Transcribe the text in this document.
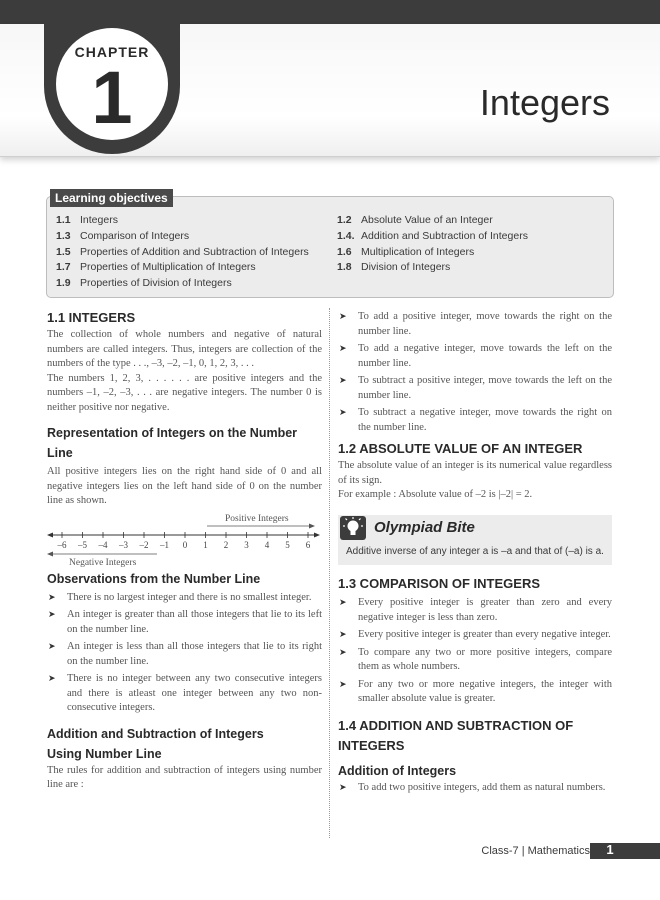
CHAPTER
1	Integers
Learning objectives
1.1 Integers
1.3 Comparison of Integers
1.5 Properties of Addition and Subtraction of Integers
1.7 Properties of Multiplication of Integers
1.9 Properties of Division of Integers
1.2 Absolute Value of an Integer
1.4. Addition and Subtraction of Integers
1.6 Multiplication of Integers
1.8 Division of Integers
1.1 INTEGERS

The collection of whole numbers and negative of natural numbers are called integers. Thus, integers are collection of the numbers of the type . . ., –3, –2, –1, 0, 1, 2, 3, . . .

The numbers 1, 2, 3, . . . . . . are positive integers and the numbers –1, –2, –3, . . . are negative integers. The number 0 is neither positive nor negative.

Representation of Integers on the Number Line

All positive integers lies on the right hand side of 0 and all negative integers lies on the left hand side of 0 on the number line as shown.

Positive Integers
–6 –5 –4 –3 –2 –1 0 1 2 3 4 5 6
Negative Integers
Observations from the Number Line
➤ There is no largest integer and there is no smallest integer.
➤ An integer is greater than all those integers that lie to its left on the number line.
➤ An integer is less than all those integers that lie to its right on the number line.
➤ There is no integer between any two consecutive integers and there is atleast one integer between any two non-consecutive integers.
Addition and Subtraction of Integers
Using Number Line

The rules for addition and subtraction of integers using number line are :

➤ To add a positive integer, move towards the right on the number line.
➤ To add a negative integer, move towards the left on the number line.
➤ To subtract a positive integer, move towards the left on the number line.
➤ To subtract a negative integer, move towards the right on the number line.
1.2 ABSOLUTE VALUE OF AN INTEGER

The absolute value of an integer is its numerical value regardless of its sign.

For example : Absolute value of –2 is |–2| = 2.

Olympiad Bite
Additive inverse of any integer a is –a and that of (–a) is a.
1.3 COMPARISON OF INTEGERS
➤ Every positive integer is greater than zero and every negative integer is less than zero.
➤ Every positive integer is greater than every negative integer.
➤ To compare any two or more positive integers, compare them as whole numbers.
➤ For any two or more negative integers, the integer with smaller absolute value is greater.
1.4 ADDITION AND SUBTRACTION OF
INTEGERS
Addition of Integers
➤ To add two positive integers, add them as natural numbers.
Class-7 | Mathematics	1
